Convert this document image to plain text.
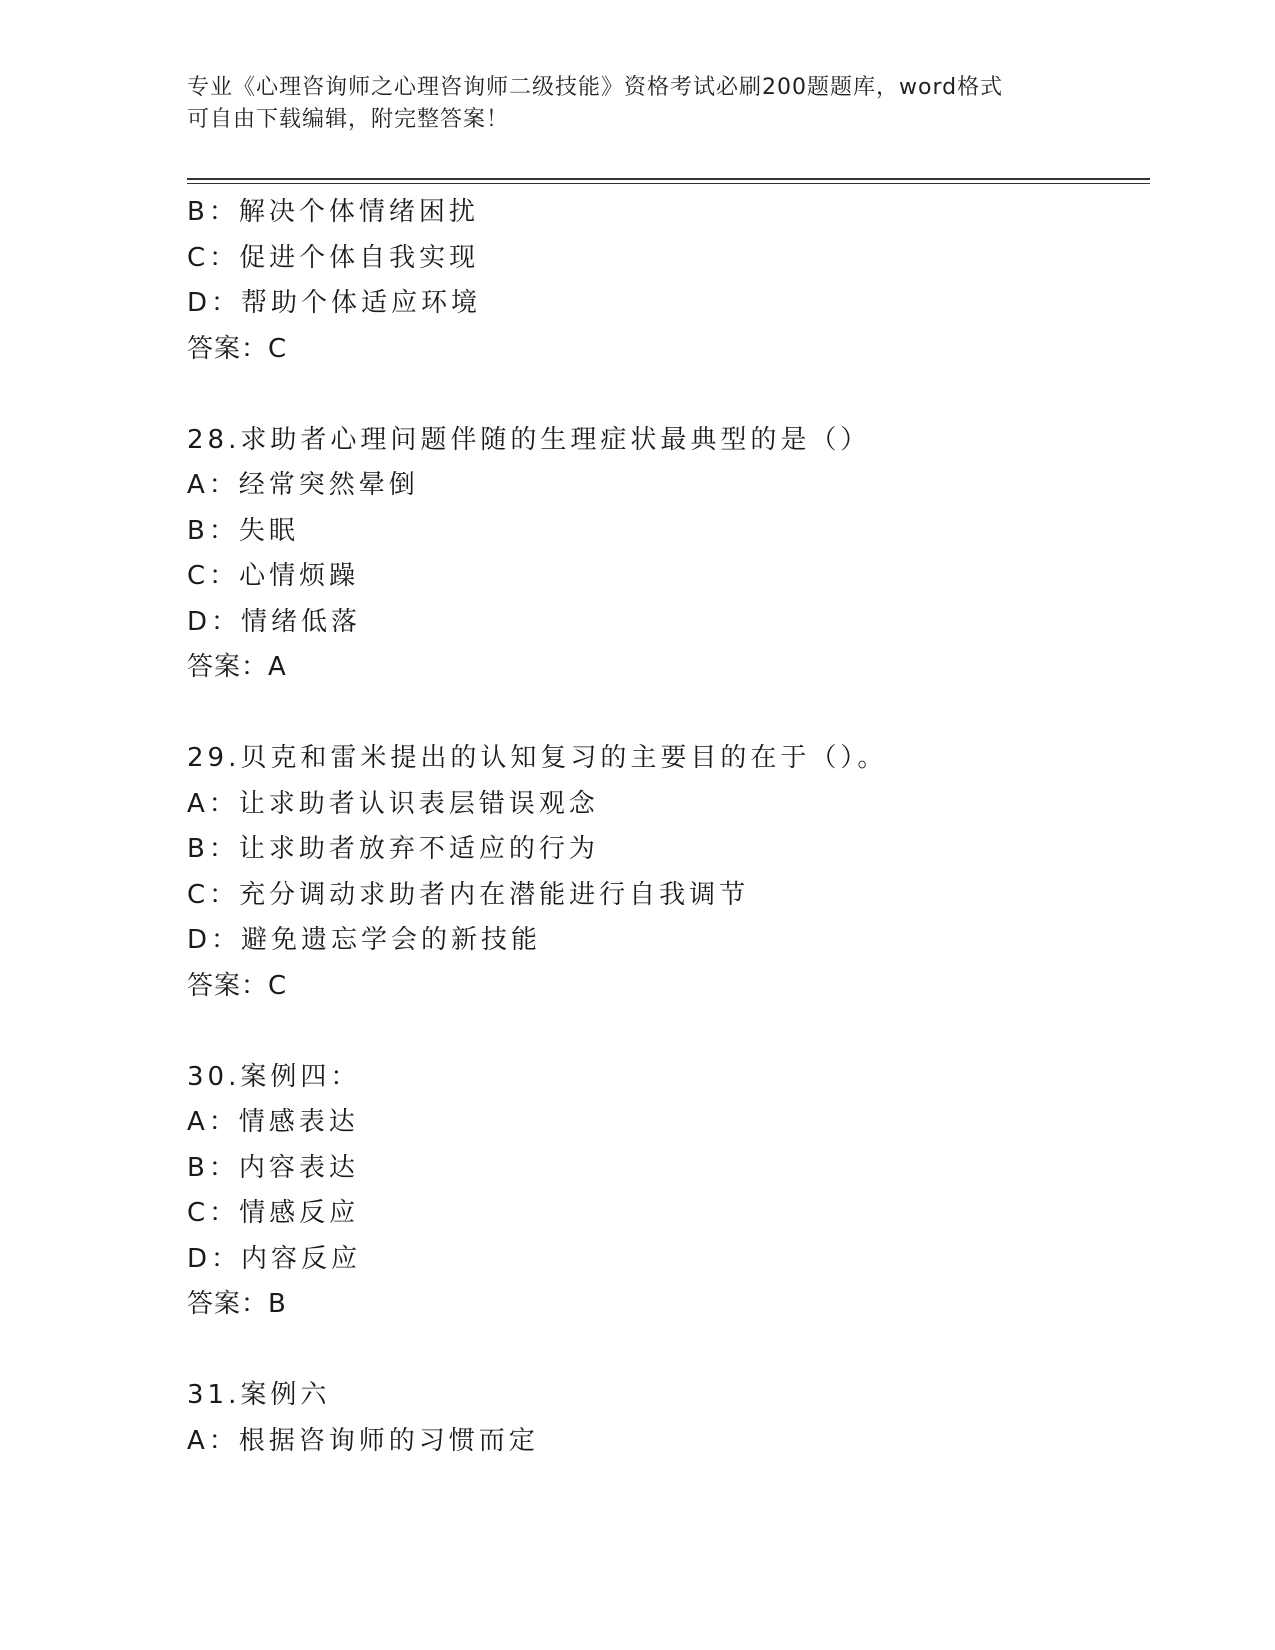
专业《心理咨询师之心理咨询师二级技能》资格考试必刷200题题库，word格式
可自由下载编辑，附完整答案！
B：解决个体情绪困扰
C：促进个体自我实现
D：帮助个体适应环境
答案：C
28.求助者心理问题伴随的生理症状最典型的是（）
A：经常突然晕倒
B：失眠
C：心情烦躁
D：情绪低落
答案：A
29.贝克和雷米提出的认知复习的主要目的在于（）。
A：让求助者认识表层错误观念
B：让求助者放弃不适应的行为
C：充分调动求助者内在潜能进行自我调节
D：避免遗忘学会的新技能
答案：C
30.案例四：
A：情感表达
B：内容表达
C：情感反应
D：内容反应
答案：B
31.案例六
A：根据咨询师的习惯而定
